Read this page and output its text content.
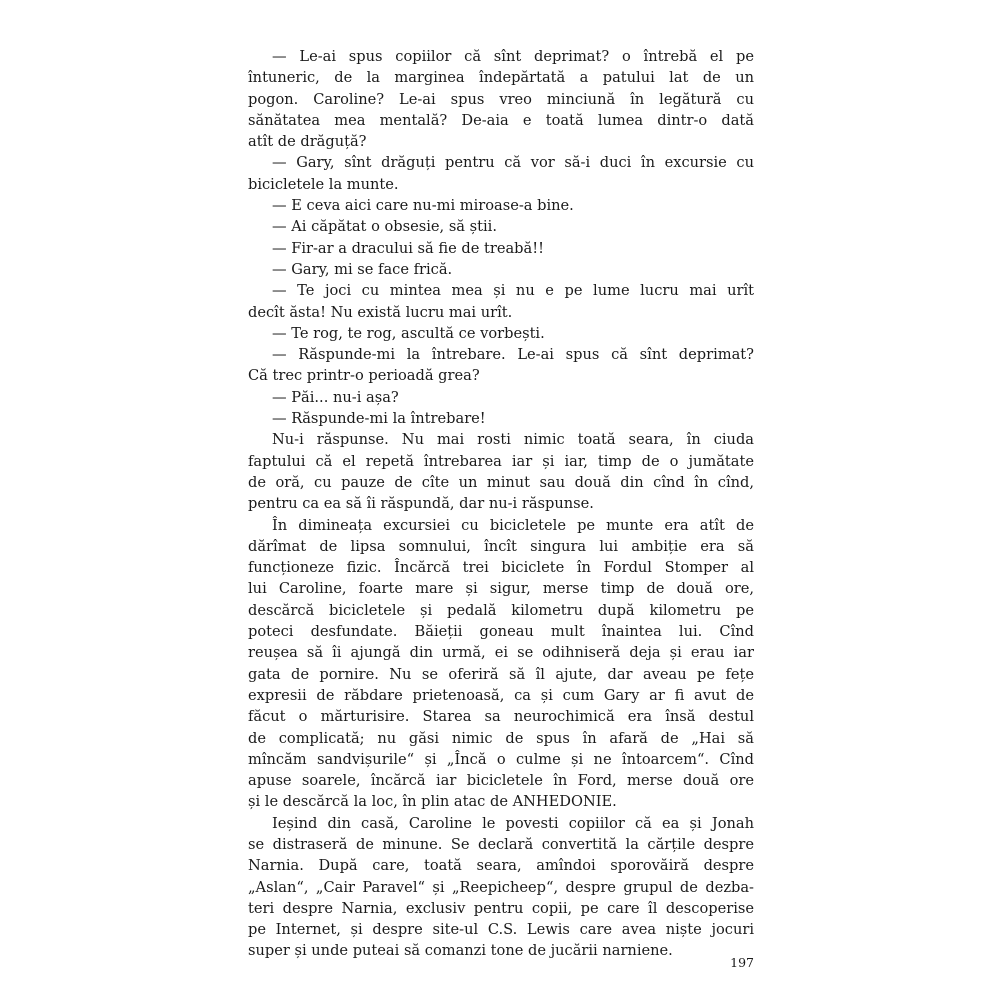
— Le-ai spus copiilor că sînt deprimat? o întrebă el pe
întuneric, de la marginea îndepărtată a patului lat de un
pogon. Caroline? Le-ai spus vreo minciună în legătură cu
sănătatea mea mentală? De-aia e toată lumea dintr-o dată
atît de drăguță?
— Gary, sînt drăguți pentru că vor să-i duci în excursie cu
bicicletele la munte.
— E ceva aici care nu-mi miroase-a bine.
— Ai căpătat o obsesie, să știi.
— Fir-ar a dracului să fie de treabă!!
— Gary, mi se face frică.
— Te joci cu mintea mea și nu e pe lume lucru mai urît
decît ăsta! Nu există lucru mai urît.
— Te rog, te rog, ascultă ce vorbești.
— Răspunde-mi la întrebare. Le-ai spus că sînt deprimat?
Că trec printr-o perioadă grea?
— Păi... nu-i așa?
— Răspunde-mi la întrebare!
Nu-i răspunse. Nu mai rosti nimic toată seara, în ciuda
faptului că el repetă întrebarea iar și iar, timp de o jumătate
de oră, cu pauze de cîte un minut sau două din cînd în cînd,
pentru ca ea să îi răspundă, dar nu-i răspunse.
În dimineața excursiei cu bicicletele pe munte era atît de
dărîmat de lipsa somnului, încît singura lui ambiție era să
funcționeze fizic. Încărcă trei biciclete în Fordul Stomper al
lui Caroline, foarte mare și sigur, merse timp de două ore,
descărcă bicicletele și pedală kilometru după kilometru pe
poteci desfundate. Băieții goneau mult înaintea lui. Cînd
reușea să îi ajungă din urmă, ei se odihniseră deja și erau iar
gata de pornire. Nu se oferiră să îl ajute, dar aveau pe fețe
expresii de răbdare prietenoasă, ca și cum Gary ar fi avut de
făcut o mărturisire. Starea sa neurochimică era însă destul
de complicată; nu găsi nimic de spus în afară de „Hai să
mîncăm sandvișurile“ și „Încă o culme și ne întoarcem“. Cînd
apuse soarele, încărcă iar bicicletele în Ford, merse două ore
și le descărcă la loc, în plin atac de ANHEDONIE.
Ieșind din casă, Caroline le povesti copiilor că ea și Jonah
se distraseră de minune. Se declară convertită la cărțile despre
Narnia. După care, toată seara, amîndoi sporovăiră despre
„Aslan“, „Cair Paravel“ și „Reepicheep“, despre grupul de dezba-
teri despre Narnia, exclusiv pentru copii, pe care îl descoperise
pe Internet, și despre site-ul C.S. Lewis care avea niște jocuri
super și unde puteai să comanzi tone de jucării narniene.
197
